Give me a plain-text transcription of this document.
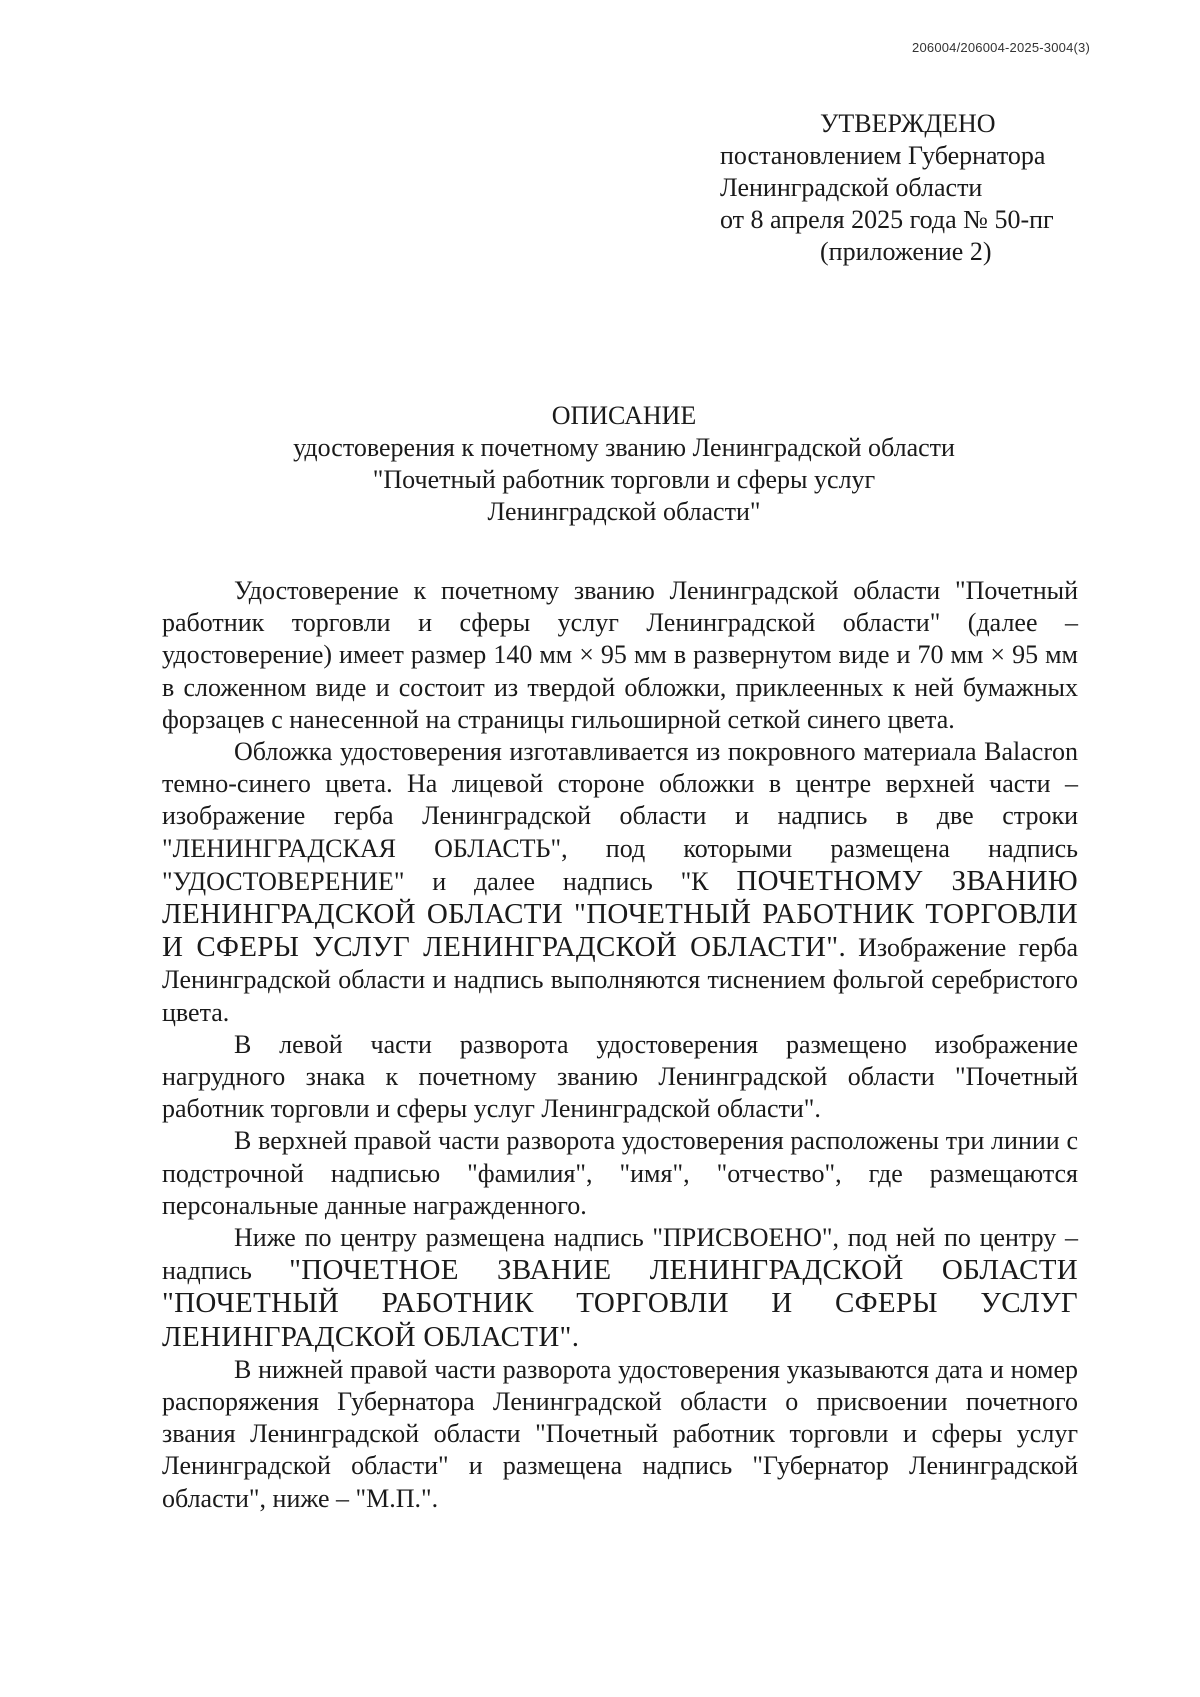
206004/206004-2025-3004(3)
УТВЕРЖДЕНО
постановлением Губернатора
Ленинградской области
от 8 апреля 2025 года № 50-пг
(приложение 2)
ОПИСАНИЕ
удостоверения к почетному званию Ленинградской области
"Почетный работник торговли и сферы услуг
Ленинградской области"

Удостоверение к почетному званию Ленинградской области "Почетный работник торговли и сферы услуг Ленинградской области" (далее – удостоверение) имеет размер 140 мм × 95 мм в развернутом виде и 70 мм × 95 мм в сложенном виде и состоит из твердой обложки, приклеенных к ней бумажных форзацев с нанесенной на страницы гильоширной сеткой синего цвета.

Обложка удостоверения изготавливается из покровного материала Balacron темно-синего цвета. На лицевой стороне обложки в центре верхней части – изображение герба Ленинградской области и надпись в две строки "ЛЕНИНГРАДСКАЯ ОБЛАСТЬ", под которыми размещена надпись "УДОСТОВЕРЕНИЕ" и далее надпись "К ПОЧЕТНОМУ ЗВАНИЮ ЛЕНИНГРАДСКОЙ ОБЛАСТИ "ПОЧЕТНЫЙ РАБОТНИК ТОРГОВЛИ И СФЕРЫ УСЛУГ ЛЕНИНГРАДСКОЙ ОБЛАСТИ". Изображение герба Ленинградской области и надпись выполняются тиснением фольгой серебристого цвета.

В левой части разворота удостоверения размещено изображение нагрудного знака к почетному званию Ленинградской области "Почетный работник торговли и сферы услуг Ленинградской области".

В верхней правой части разворота удостоверения расположены три линии с подстрочной надписью "фамилия", "имя", "отчество", где размещаются персональные данные награжденного.

Ниже по центру размещена надпись "ПРИСВОЕНО", под ней по центру – надпись "ПОЧЕТНОЕ ЗВАНИЕ ЛЕНИНГРАДСКОЙ ОБЛАСТИ "ПОЧЕТНЫЙ РАБОТНИК ТОРГОВЛИ И СФЕРЫ УСЛУГ ЛЕНИНГРАДСКОЙ ОБЛАСТИ".

В нижней правой части разворота удостоверения указываются дата и номер распоряжения Губернатора Ленинградской области о присвоении почетного звания Ленинградской области "Почетный работник торговли и сферы услуг Ленинградской области" и размещена надпись "Губернатор Ленинградской области", ниже – "М.П.".
